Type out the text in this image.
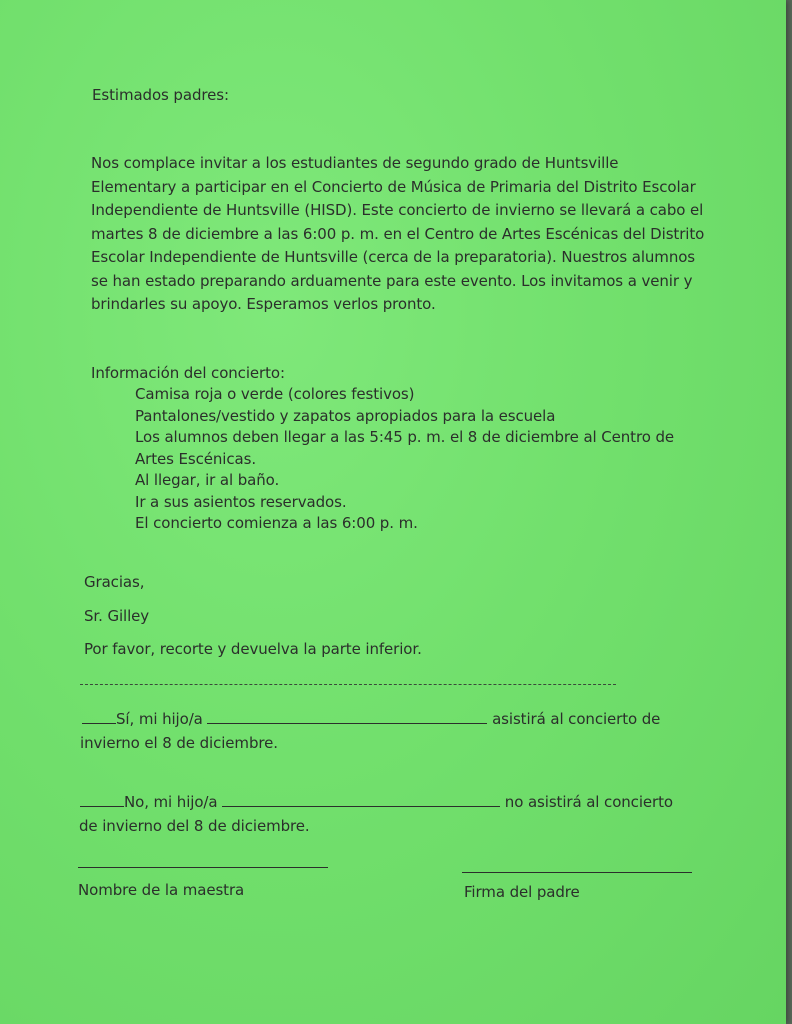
Estimados padres:
Nos complace invitar a los estudiantes de segundo grado de Huntsville
Elementary a participar en el Concierto de Música de Primaria del Distrito Escolar
Independiente de Huntsville (HISD). Este concierto de invierno se llevará a cabo el
martes 8 de diciembre a las 6:00 p. m. en el Centro de Artes Escénicas del Distrito
Escolar Independiente de Huntsville (cerca de la preparatoria). Nuestros alumnos
se han estado preparando arduamente para este evento. Los invitamos a venir y
brindarles su apoyo. Esperamos verlos pronto.
Información del concierto:
Camisa roja o verde (colores festivos)
Pantalones/vestido y zapatos apropiados para la escuela
Los alumnos deben llegar a las 5:45 p. m. el 8 de diciembre al Centro de
Artes Escénicas.
Al llegar, ir al baño.
Ir a sus asientos reservados.
El concierto comienza a las 6:00 p. m.
Gracias,
Sr. Gilley
Por favor, recorte y devuelva la parte inferior.
Sí, mi hijo/a	asistirá al concierto de
invierno el 8 de diciembre.
No, mi hijo/a	no asistirá al concierto
de invierno del 8 de diciembre.
Nombre de la maestra	Firma del padre
